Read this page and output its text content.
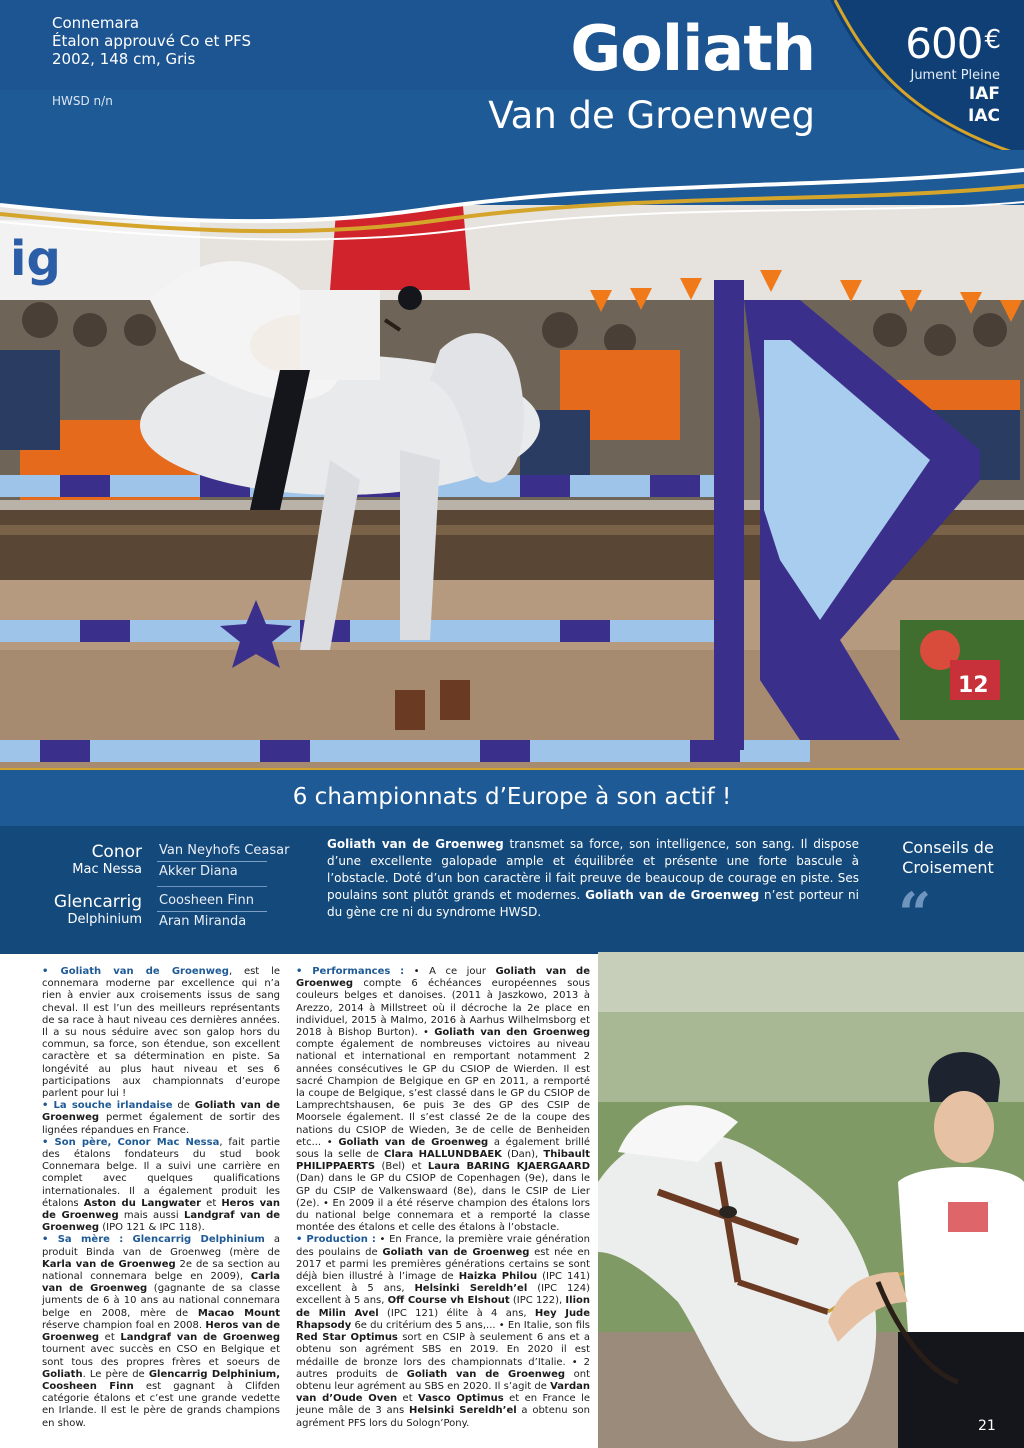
ig
12
Connemara
Étalon approuvé Co et PFS
2002, 148 cm, Gris
HWSD n/n
Goliath
Van de Groenweg
600€
Jument Pleine
IAF
IAC
6 championnats d’Europe à son actif !
Conor
Mac Nessa
Glencarrig
Delphinium
Van Neyhofs Ceasar
Akker Diana
Coosheen Finn
Aran Miranda
Goliath van de Groenweg transmet sa force, son intelligence, son sang. Il dispose d’une excellente galopade ample et équilibrée et présente une forte bascule à l’obstacle. Doté d’un bon caractère il fait preuve de beaucoup de courage en piste. Ses poulains sont plutôt grands et modernes. Goliath van de Groenweg n’est porteur ni du gène cre ni du syndrome HWSD.
Conseils de
Croisement
“

• Goliath van de Groenweg, est le connemara moderne par excellence qui n’a rien à envier aux croisements issus de sang cheval. Il est l’un des meilleurs représentants de sa race à haut niveau ces dernières années. Il a su nous séduire avec son galop hors du commun, sa force, son étendue, son excellent caractère et sa détermination en piste. Sa longévité au plus haut niveau et ses 6 participations aux championnats d’europe parlent pour lui !

• La souche irlandaise de Goliath van de Groenweg permet également de sortir des lignées répandues en France.

• Son père, Conor Mac Nessa, fait partie des étalons fondateurs du stud book Connemara belge. Il a suivi une carrière en complet avec quelques qualifications internationales. Il a également produit les étalons Aston du Langwater et Heros van de Groenweg mais aussi Landgraf van de Groenweg (IPO 121 & IPC 118).

• Sa mère : Glencarrig Delphinium a produit Binda van de Groenweg (mère de Karla van de Groenweg 2e de sa section au national connemara belge en 2009), Carla van de Groenweg (gagnante de sa classe juments de 6 à 10 ans au national connemara belge en 2008, mère de Macao Mount réserve champion foal en 2008. Heros van de Groenweg et Landgraf van de Groenweg tournent avec succès en CSO en Belgique et sont tous des propres frères et soeurs de Goliath. Le père de Glencarrig Delphinium, Coosheen Finn est gagnant à Clifden catégorie étalons et c’est une grande vedette en Irlande. Il est le père de grands champions en show.

• Performances : • A ce jour Goliath van de Groenweg compte 6 échéances européennes sous couleurs belges et danoises. (2011 à Jaszkowo, 2013 à Arezzo, 2014 à Millstreet où il décroche la 2e place en individuel, 2015 à Malmo, 2016 à Aarhus Wilhelmsborg et 2018 à Bishop Burton). • Goliath van den Groenweg compte également de nombreuses victoires au niveau national et international en remportant notamment 2 années consécutives le GP du CSIOP de Wierden. Il est sacré Champion de Belgique en GP en 2011, a remporté la coupe de Belgique, s’est classé dans le GP du CSIOP de Lamprechtshausen, 6e puis 3e des GP des CSIP de Moorsele également. Il s’est classé 2e de la coupe des nations du CSIOP de Wieden, 3e de celle de Benheiden etc... • Goliath van de Groenweg a également brillé sous la selle de Clara HALLUNDBAEK (Dan), Thibault PHILIPPAERTS (Bel) et Laura BARING KJAERGAARD (Dan) dans le GP du CSIOP de Copenhagen (9e), dans le GP du CSIP de Valkenswaard (8e), dans le CSIP de Lier (2e). • En 2009 il a été réserve champion des étalons lors du national belge connemara et a remporté la classe montée des étalons et celle des étalons à l’obstacle.

• Production : • En France, la première vraie génération des poulains de Goliath van de Groenweg est née en 2017 et parmi les premières générations certains se sont déjà bien illustré à l’image de Haizka Philou (IPC 141) excellent à 5 ans, Helsinki Sereldh’el (IPC 124) excellent à 5 ans, Off Course vh Elshout (IPC 122), Ilion de Milin Avel (IPC 121) élite à 4 ans, Hey Jude Rhapsody 6e du critérium des 5 ans,... • En Italie, son fils Red Star Optimus sort en CSIP à seulement 6 ans et a obtenu son agrément SBS en 2019. En 2020 il est médaille de bronze lors des championnats d’Italie. • 2 autres produits de Goliath van de Groenweg ont obtenu leur agrément au SBS en 2020. Il s’agit de Vardan van d’Oude Oven et Vasco Optimus et en France le jeune mâle de 3 ans Helsinki Sereldh’el a obtenu son agrément PFS lors du Sologn’Pony.	21
